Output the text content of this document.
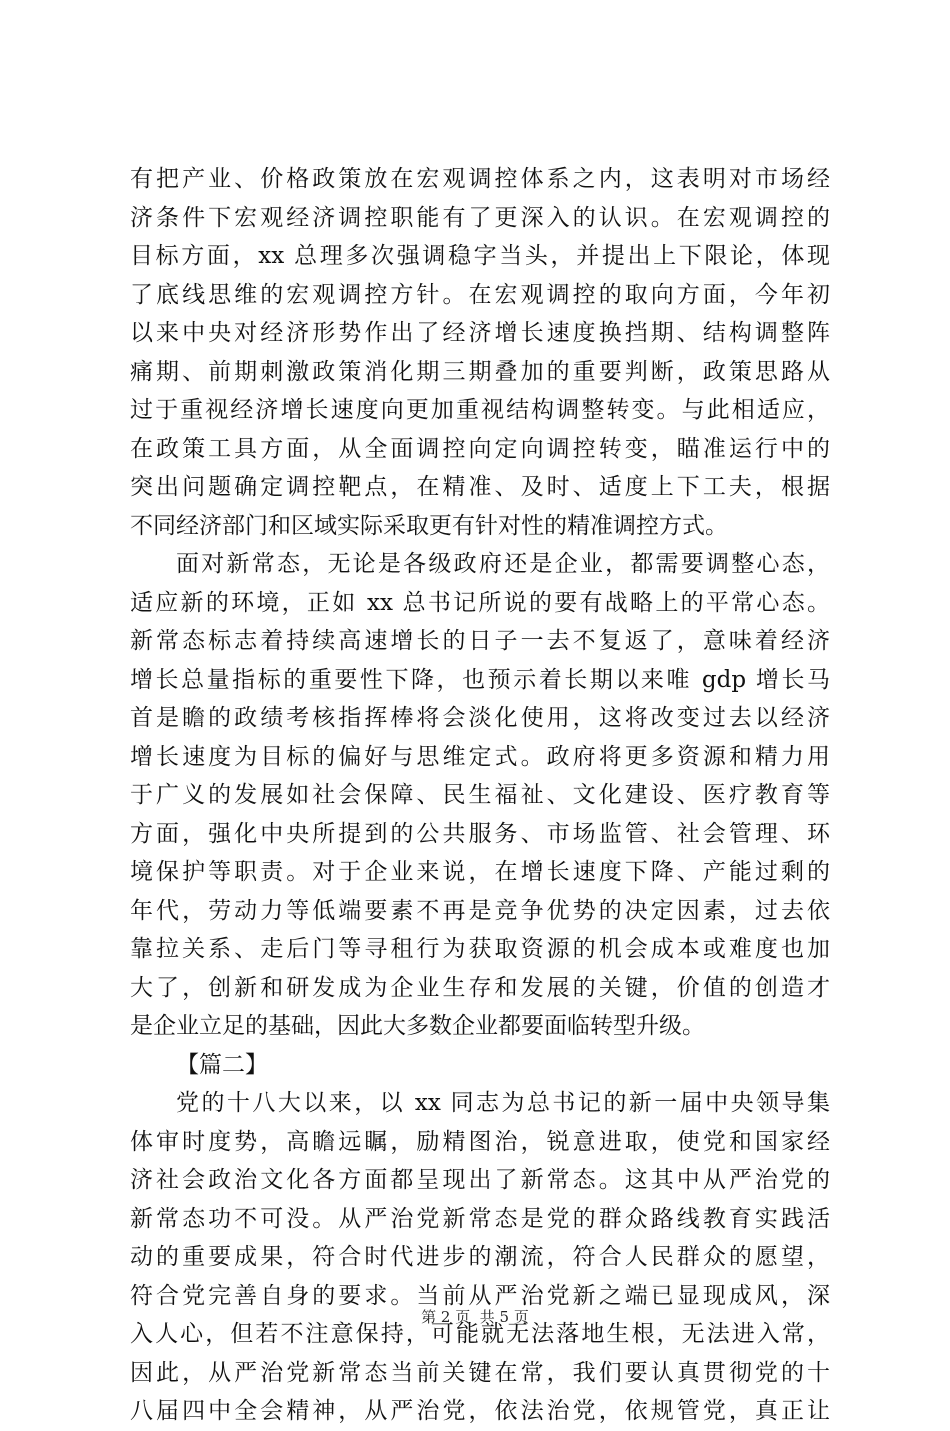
有把产业、价格政策放在宏观调控体系之内，这表明对市场经
济条件下宏观经济调控职能有了更深入的认识。在宏观调控的
目标方面，xx 总理多次强调稳字当头，并提出上下限论，体现
了底线思维的宏观调控方针。在宏观调控的取向方面，今年初
以来中央对经济形势作出了经济增长速度换挡期、结构调整阵
痛期、前期刺激政策消化期三期叠加的重要判断，政策思路从
过于重视经济增长速度向更加重视结构调整转变。与此相适应，
在政策工具方面，从全面调控向定向调控转变，瞄准运行中的
突出问题确定调控靶点，在精准、及时、适度上下工夫，根据
不同经济部门和区域实际采取更有针对性的精准调控方式。
面对新常态，无论是各级政府还是企业，都需要调整心态，
适应新的环境，正如 xx 总书记所说的要有战略上的平常心态。
新常态标志着持续高速增长的日子一去不复返了，意味着经济
增长总量指标的重要性下降，也预示着长期以来唯 gdp 增长马
首是瞻的政绩考核指挥棒将会淡化使用，这将改变过去以经济
增长速度为目标的偏好与思维定式。政府将更多资源和精力用
于广义的发展如社会保障、民生福祉、文化建设、医疗教育等
方面，强化中央所提到的公共服务、市场监管、社会管理、环
境保护等职责。对于企业来说，在增长速度下降、产能过剩的
年代，劳动力等低端要素不再是竞争优势的决定因素，过去依
靠拉关系、走后门等寻租行为获取资源的机会成本或难度也加
大了，创新和研发成为企业生存和发展的关键，价值的创造才
是企业立足的基础，因此大多数企业都要面临转型升级。
【篇二】
党的十八大以来，以 xx 同志为总书记的新一届中央领导集
体审时度势，高瞻远瞩，励精图治，锐意进取，使党和国家经
济社会政治文化各方面都呈现出了新常态。这其中从严治党的
新常态功不可没。从严治党新常态是党的群众路线教育实践活
动的重要成果，符合时代进步的潮流，符合人民群众的愿望，
符合党完善自身的要求。当前从严治党新之端已显现成风，深
入人心，但若不注意保持，可能就无法落地生根，无法进入常，
因此，从严治党新常态当前关键在常，我们要认真贯彻党的十
八届四中全会精神，从严治党，依法治党，依规管党，真正让
第 2 页  共 5 页
